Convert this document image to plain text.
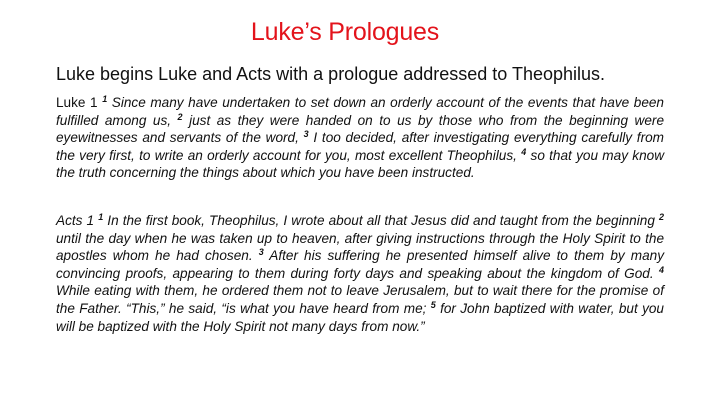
Luke’s Prologues
Luke begins Luke and Acts with a prologue addressed to Theophilus.
Luke 1 $^1$ Since many have undertaken to set down an orderly account of the events that have been fulfilled among us, $^2$ just as they were handed on to us by those who from the beginning were eyewitnesses and servants of the word, $^3$ I too decided, after investigating everything carefully from the very first, to write an orderly account for you, most excellent Theophilus, $^4$ so that you may know the truth concerning the things about which you have been instructed.
Acts 1 $^1$ In the first book, Theophilus, I wrote about all that Jesus did and taught from the beginning $^2$ until the day when he was taken up to heaven, after giving instructions through the Holy Spirit to the apostles whom he had chosen. $^3$ After his suffering he presented himself alive to them by many convincing proofs, appearing to them during forty days and speaking about the kingdom of God. $^4$ While eating with them, he ordered them not to leave Jerusalem, but to wait there for the promise of the Father. “This,” he said, “is what you have heard from me; $^5$ for John baptized with water, but you will be baptized with the Holy Spirit not many days from now.”
